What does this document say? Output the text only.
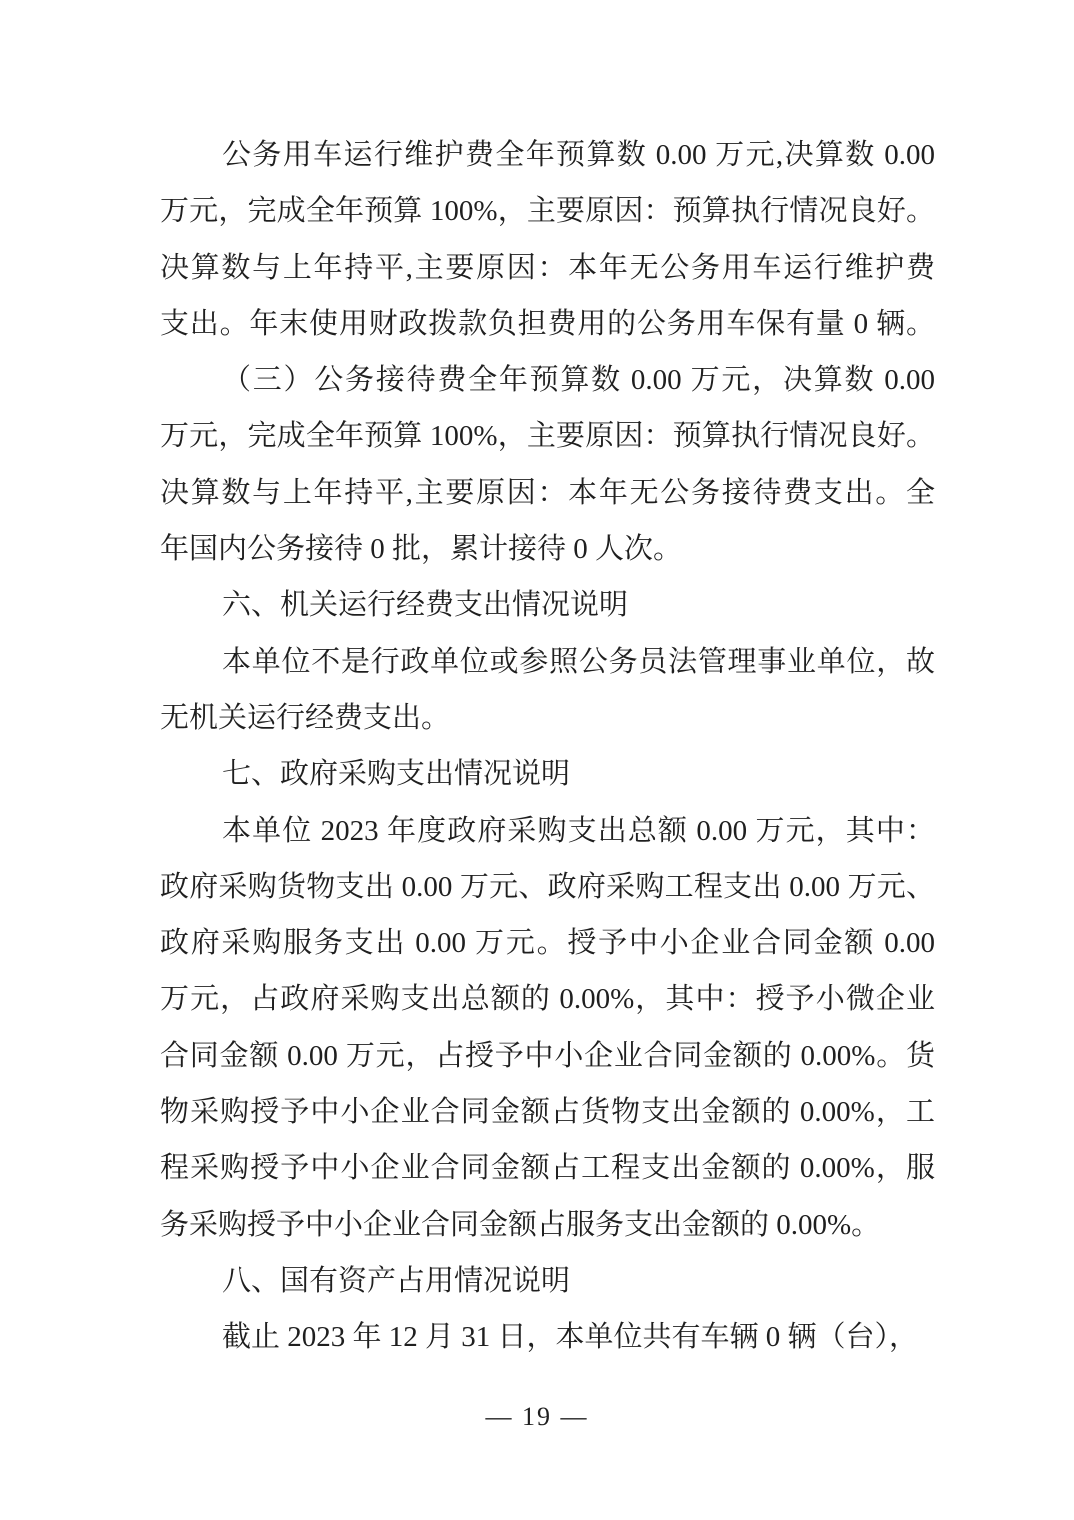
公务用车运行维护费全年预算数 0.00 万元,决算数 0.00
万元，完成全年预算 100%，主要原因：预算执行情况良好。
决算数与上年持平,主要原因：本年无公务用车运行维护费
支出。年末使用财政拨款负担费用的公务用车保有量 0 辆。
（三）公务接待费全年预算数 0.00 万元，决算数 0.00
万元，完成全年预算 100%，主要原因：预算执行情况良好。
决算数与上年持平,主要原因：本年无公务接待费支出。全
年国内公务接待 0 批，累计接待 0 人次。
六、机关运行经费支出情况说明
本单位不是行政单位或参照公务员法管理事业单位，故
无机关运行经费支出。
七、政府采购支出情况说明
本单位 2023 年度政府采购支出总额 0.00 万元，其中：
政府采购货物支出 0.00 万元、政府采购工程支出 0.00 万元、
政府采购服务支出 0.00 万元。授予中小企业合同金额 0.00
万元，占政府采购支出总额的 0.00%，其中：授予小微企业
合同金额 0.00 万元，占授予中小企业合同金额的 0.00%。货
物采购授予中小企业合同金额占货物支出金额的 0.00%，工
程采购授予中小企业合同金额占工程支出金额的 0.00%，服
务采购授予中小企业合同金额占服务支出金额的 0.00%。
八、国有资产占用情况说明
截止 2023 年 12 月 31 日，本单位共有车辆 0 辆（台），
— 19 —
